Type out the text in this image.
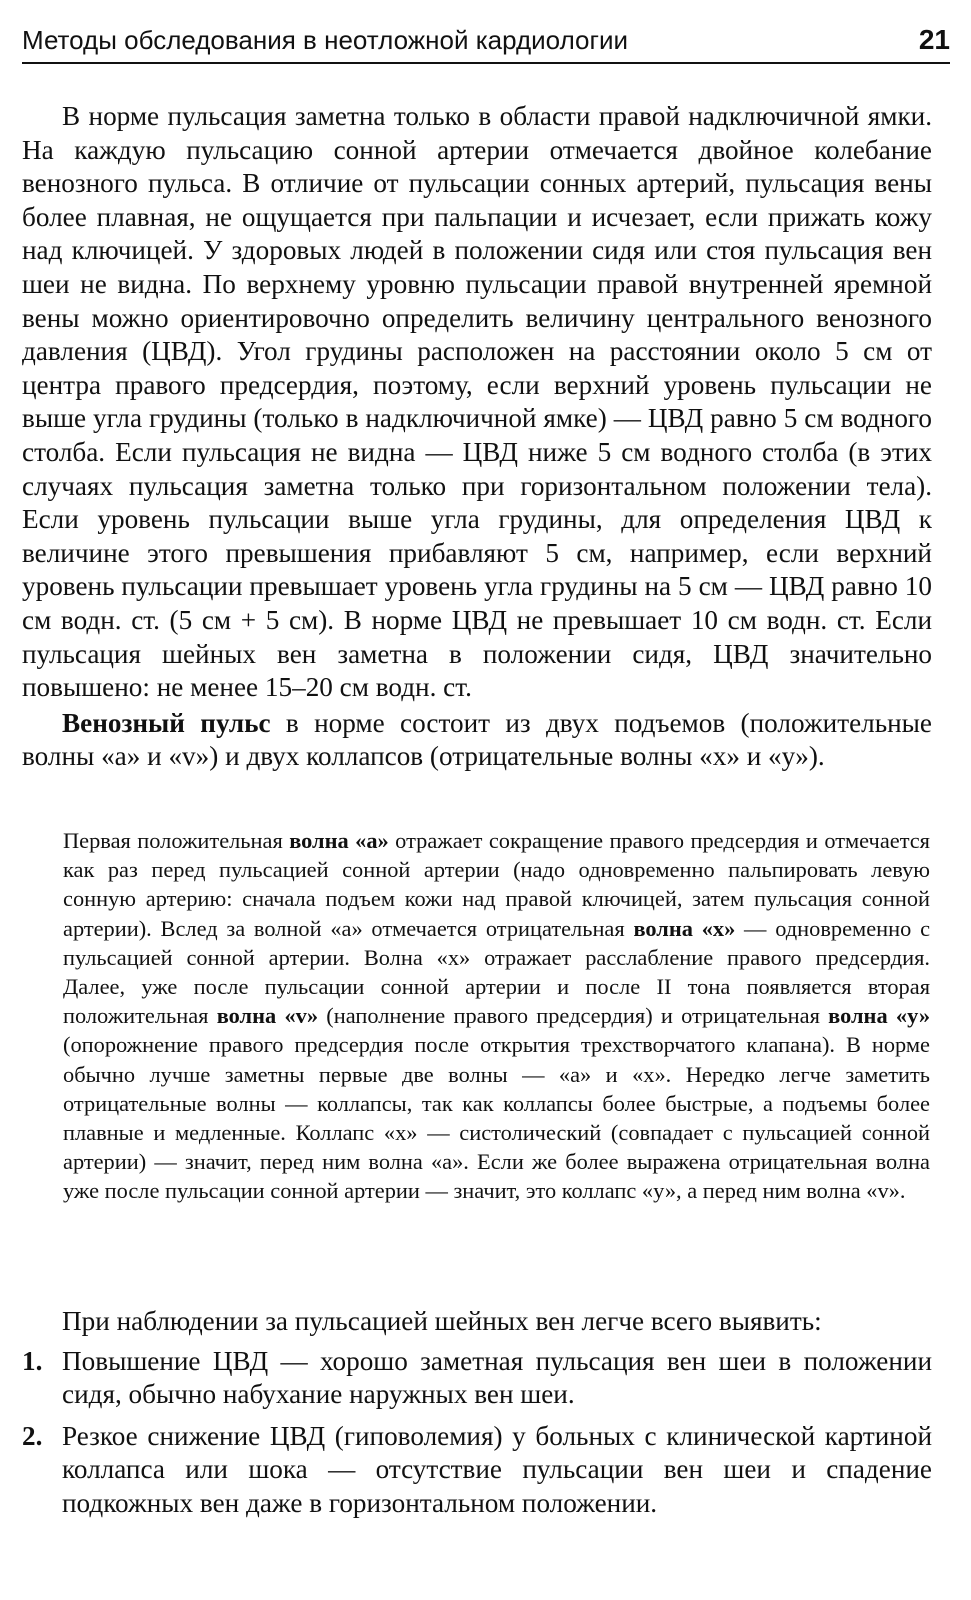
Методы обследования в неотложной кардиологии	21

В норме пульсация заметна только в области правой надключичной ямки. На каждую пульсацию сонной артерии отмечается двойное колебание венозного пульса. В отличие от пульсации сонных артерий, пульсация вены более плавная, не ощущается при пальпации и исчезает, если прижать кожу над ключицей. У здоровых людей в положении сидя или стоя пульсация вен шеи не видна. По верхнему уровню пульсации правой внутренней яремной вены можно ориентировочно определить величину центрального венозного давления (ЦВД). Угол грудины расположен на расстоянии около 5 см от центра правого предсердия, поэтому, если верхний уровень пульсации не выше угла грудины (только в надключичной ямке) — ЦВД равно 5 см водного столба. Если пульсация не видна — ЦВД ниже 5 см водного столба (в этих случаях пульсация заметна только при горизонтальном положении тела). Если уровень пульсации выше угла грудины, для определения ЦВД к величине этого превышения прибавляют 5 см, например, если верхний уровень пульсации превышает уровень угла грудины на 5 см — ЦВД равно 10 см водн. ст. (5 см + 5 см). В норме ЦВД не превышает 10 см водн. ст. Если пульсация шейных вен заметна в положении сидя, ЦВД значительно повышено: не менее 15–20 см водн. ст.

Венозный пульс в норме состоит из двух подъемов (положительные волны «a» и «v») и двух коллапсов (отрицательные волны «x» и «y»).

Первая положительная волна «а» отражает сокращение правого предсердия и отмечается как раз перед пульсацией сонной артерии (надо одновременно пальпировать левую сонную артерию: сначала подъем кожи над правой ключицей, затем пульсация сонной артерии). Вслед за волной «а» отмечается отрицательная волна «х» — одновременно с пульсацией сонной артерии. Волна «х» отражает расслабление правого предсердия. Далее, уже после пульсации сонной артерии и после II тона появляется вторая положительная волна «v» (наполнение правого предсердия) и отрицательная волна «у» (опорожнение правого предсердия после открытия трехстворчатого клапана). В норме обычно лучше заметны первые две волны — «а» и «х». Нередко легче заметить отрицательные волны — коллапсы, так как коллапсы более быстрые, а подъемы более плавные и медленные. Коллапс «х» — систолический (совпадает с пульсацией сонной артерии) — значит, перед ним волна «а». Если же более выражена отрицательная волна уже после пульсации сонной артерии — значит, это коллапс «у», а перед ним волна «v».

При наблюдении за пульсацией шейных вен легче всего выявить:

1. Повышение ЦВД — хорошо заметная пульсация вен шеи в положении сидя, обычно набухание наружных вен шеи.
2. Резкое снижение ЦВД (гиповолемия) у больных с клинической картиной коллапса или шока — отсутствие пульсации вен шеи и спадение подкожных вен даже в горизонтальном положении.
